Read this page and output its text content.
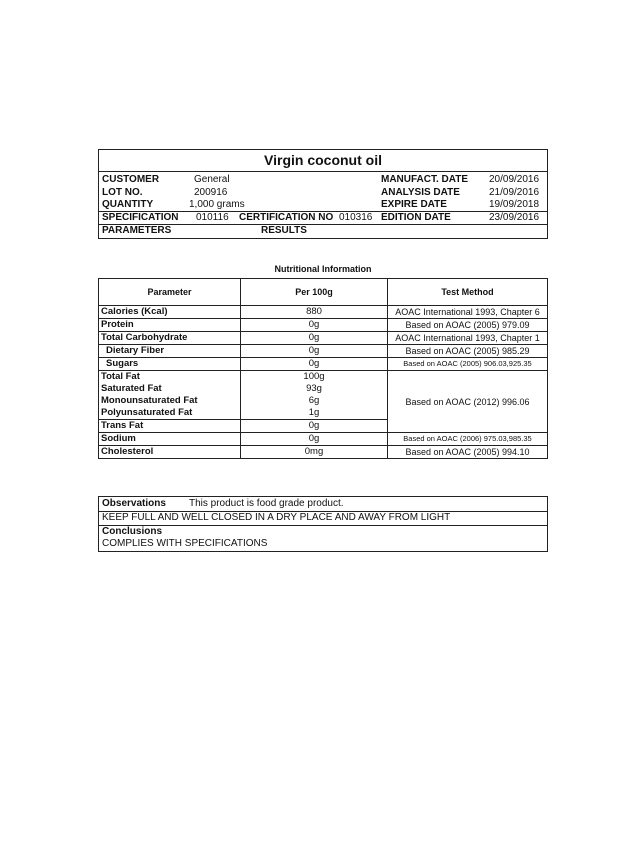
Virgin coconut oil
CUSTOMER	General
LOT NO.	200916
QUANTITY	1,000 grams
MANUFACT. DATE 20/09/2016
ANALYSIS DATE	21/09/2016
EXPIRE DATE	19/09/2018
SPECIFICATION 010116 CERTIFICATION NO 010316 EDITION DATE	23/09/2016
PARAMETERS	RESULTS
Nutritional Information
Parameter	Per 100g	Test Method
Calories (Kcal)	880	AOAC International 1993, Chapter 6
Protein	0g	Based on AOAC (2005) 979.09
Total Carbohydrate	0g	AOAC International 1993, Chapter 1
Dietary Fiber	0g	Based on AOAC (2005) 985.29
Sugars	0g	Based on AOAC (2005) 906.03,925.35
Total Fat	100g	Based on AOAC (2012) 996.06
Saturated Fat	93g	
Monounsaturated Fat	6g	
Polyunsaturated Fat	1g	
Trans Fat	0g	
Sodium	0g	Based on AOAC (2006) 975.03,985.35
Cholesterol	0mg	Based on AOAC (2005) 994.10
Observations This product is food grade product.
KEEP FULL AND WELL CLOSED IN A DRY PLACE AND AWAY FROM LIGHT
Conclusions
COMPLIES WITH SPECIFICATIONS
